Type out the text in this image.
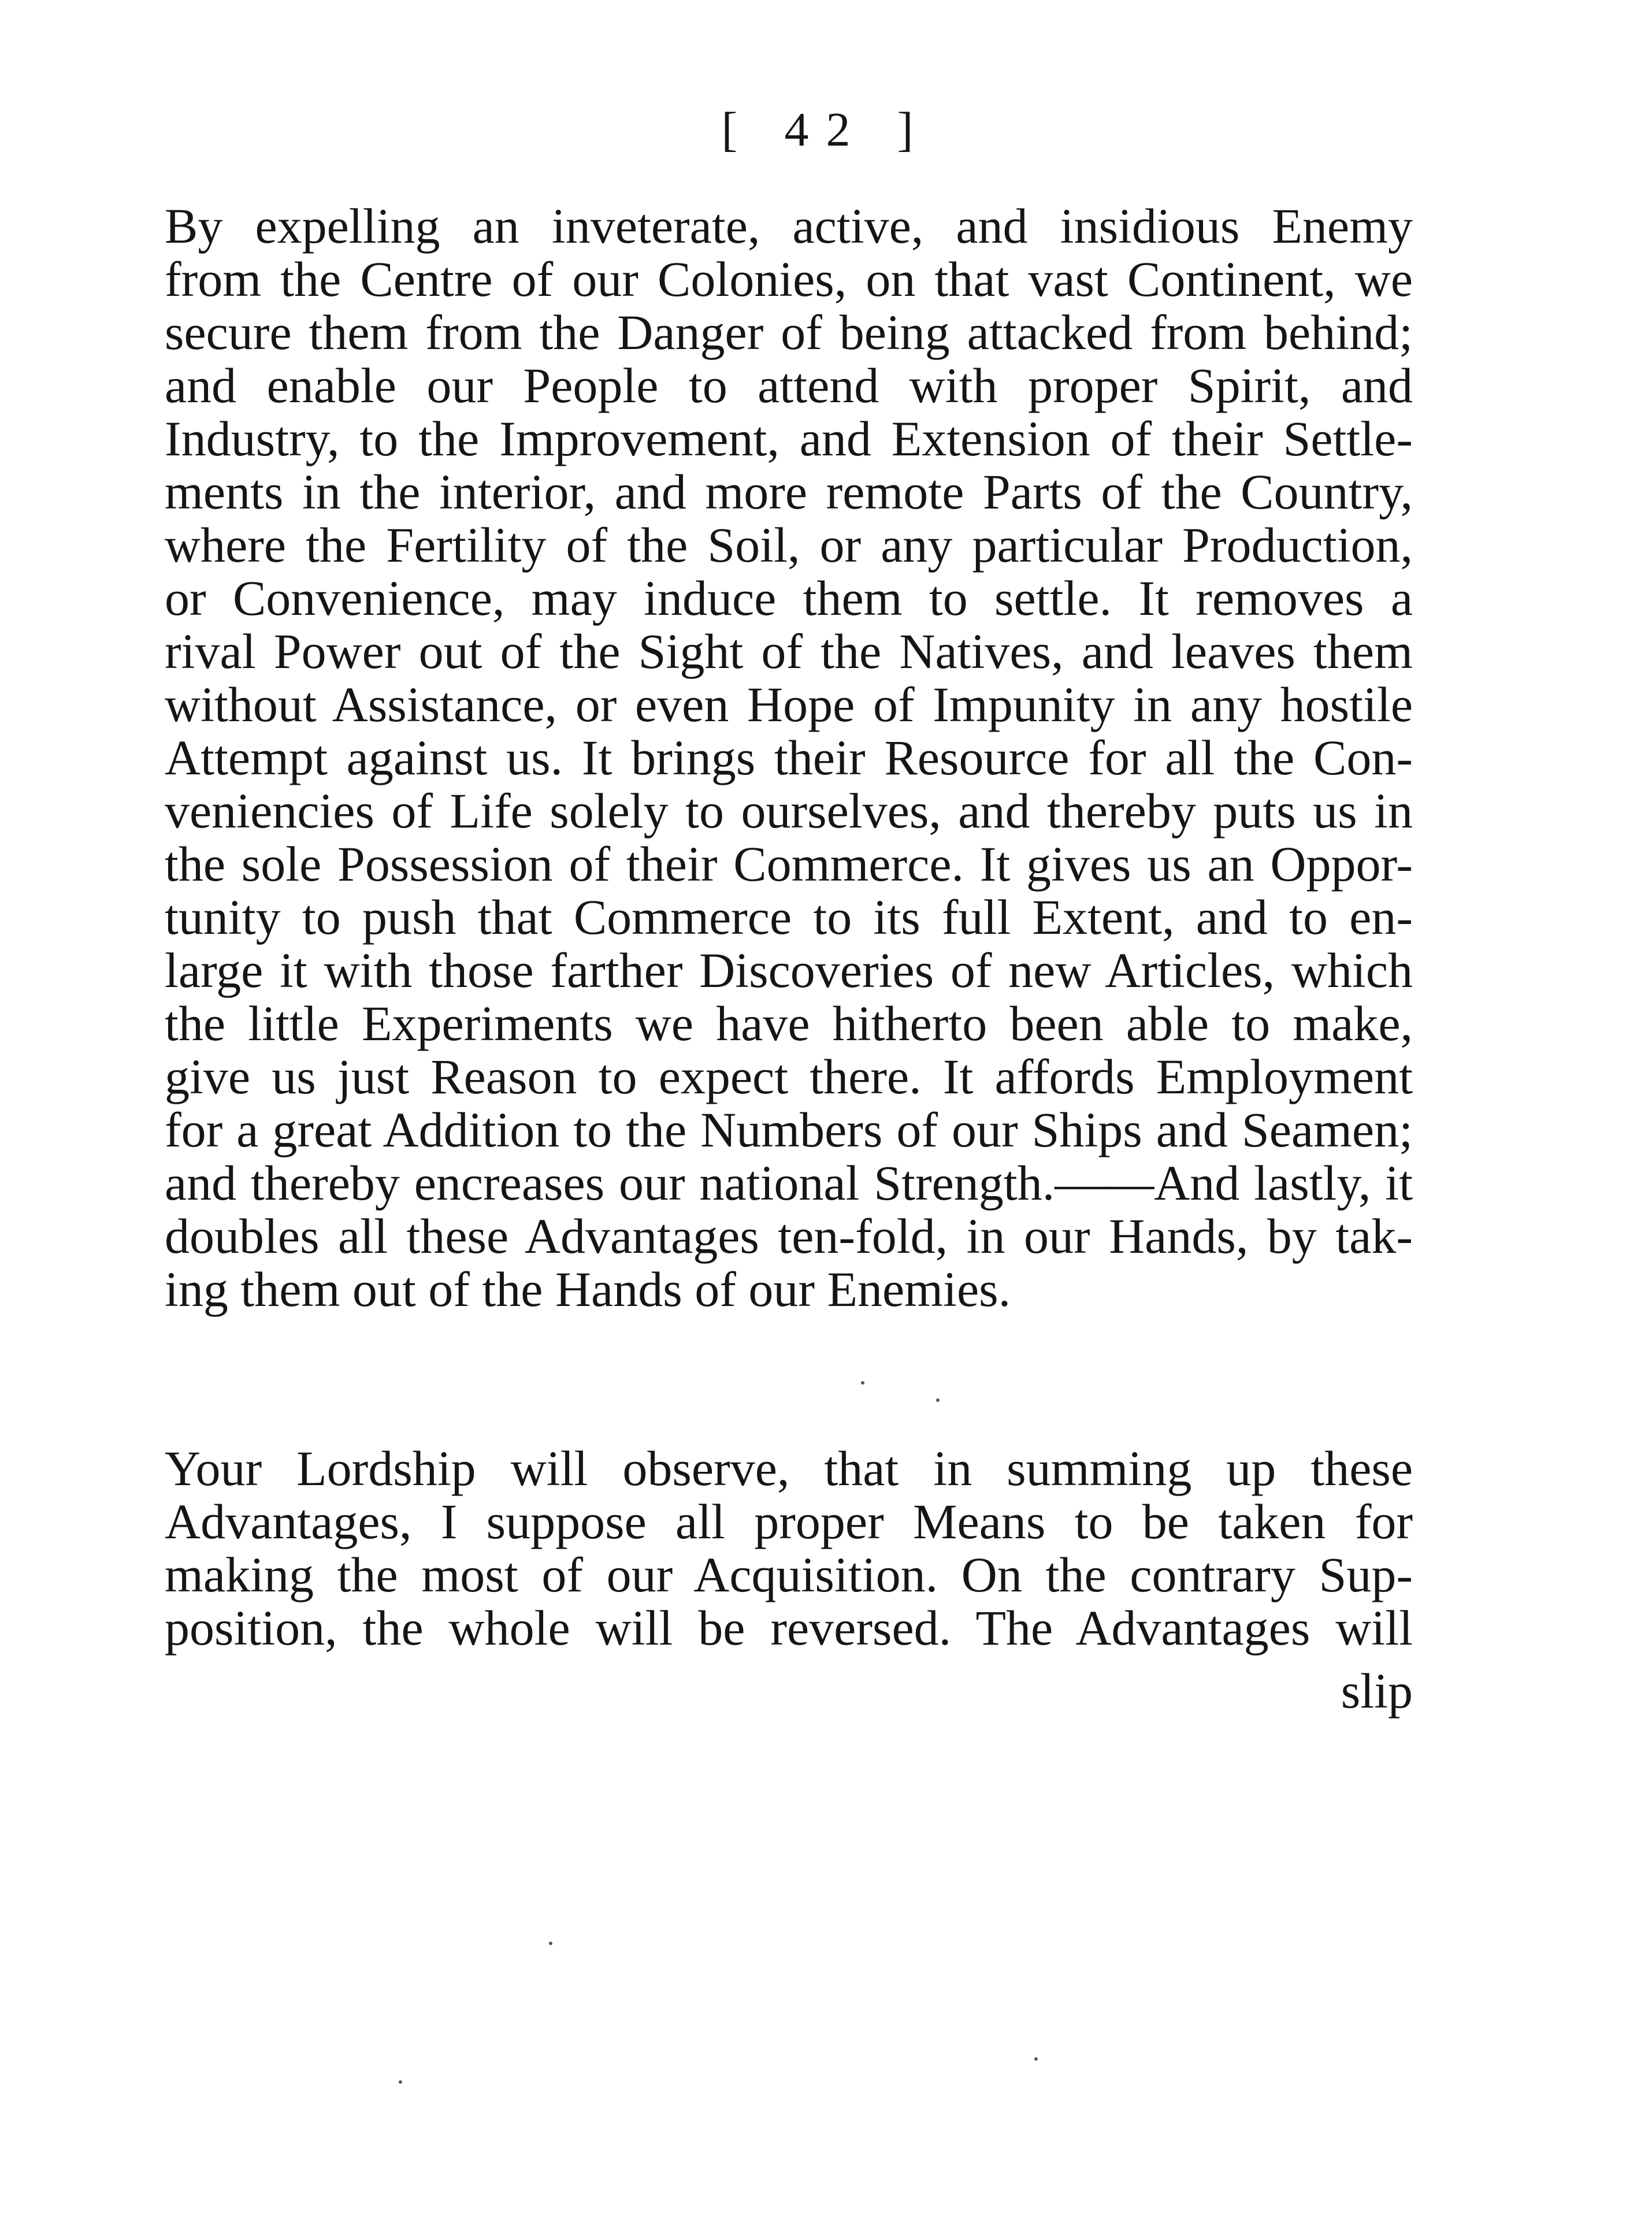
[ 42 ]
By expelling an inveterate, active, and insidious Enemy
from the Centre of our Colonies, on that vast Continent, we
secure them from the Danger of being attacked from behind;
and enable our People to attend with proper Spirit, and
Industry, to the Improvement, and Extension of their Settle-
ments in the interior, and more remote Parts of the Country,
where the Fertility of the Soil, or any particular Production,
or Convenience, may induce them to settle. It removes a
rival Power out of the Sight of the Natives, and leaves them
without Assistance, or even Hope of Impunity in any hostile
Attempt against us. It brings their Resource for all the Con-
veniencies of Life solely to ourselves, and thereby puts us in
the sole Possession of their Commerce. It gives us an Oppor-
tunity to push that Commerce to its full Extent, and to en-
large it with those farther Discoveries of new Articles, which
the little Experiments we have hitherto been able to make,
give us just Reason to expect there. It affords Employment
for a great Addition to the Numbers of our Ships and Seamen;
and thereby encreases our national Strength.——And lastly, it
doubles all these Advantages ten-fold, in our Hands, by tak-
ing them out of the Hands of our Enemies.
Your Lordship will observe, that in summing up these
Advantages, I suppose all proper Means to be taken for
making the most of our Acquisition. On the contrary Sup-
position, the whole will be reversed. The Advantages will
slip
